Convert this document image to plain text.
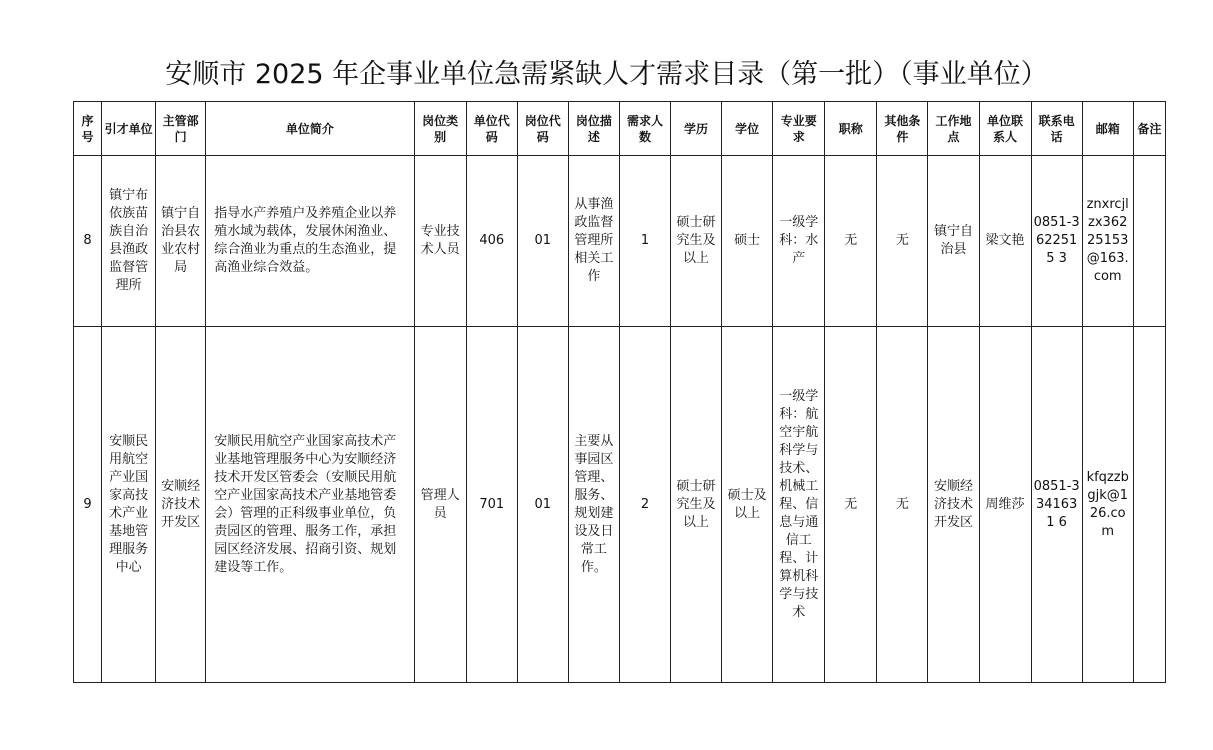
安顺市 2025 年企事业单位急需紧缺人才需求目录（第一批）（事业单位）
序号	引才单位	主管部门	单位简介	岗位类别	单位代码	岗位代码	岗位描述	需求人数	学历	学位	专业要求	职称	其他条件	工作地点	单位联系人	联系电话	邮箱	备注
8	镇宁布依族苗族自治县渔政监督管理所	镇宁自治县农业农村局	指导水产养殖户及养殖企业以养殖水域为载体，发展休闲渔业、综合渔业为重点的生态渔业，提高渔业综合效益。	专业技术人员	406	01	从事渔政监督管理所相关工作	1	硕士研究生及以上	硕士	一级学科：水产	无	无	镇宁自治县	梁文艳	0851-3622515 3	znxrcjlzx36225153@163.com	
9	安顺民用航空产业国家高技术产业基地管理服务中心	安顺经济技术开发区	安顺民用航空产业国家高技术产业基地管理服务中心为安顺经济技术开发区管委会（安顺民用航空产业国家高技术产业基地管委会）管理的正科级事业单位，负责园区的管理、服务工作，承担园区经济发展、招商引资、规划建设等工作。	管理人员	701	01	主要从事园区管理、服务、规划建设及日常工作。	2	硕士研究生及以上	硕士及以上	一级学科：航空宇航科学与技术、机械工程、信息与通信工程、计算机科学与技术	无	无	安顺经济技术开发区	周维莎	0851-3341631 6	kfqzzbgjk@126.com	
